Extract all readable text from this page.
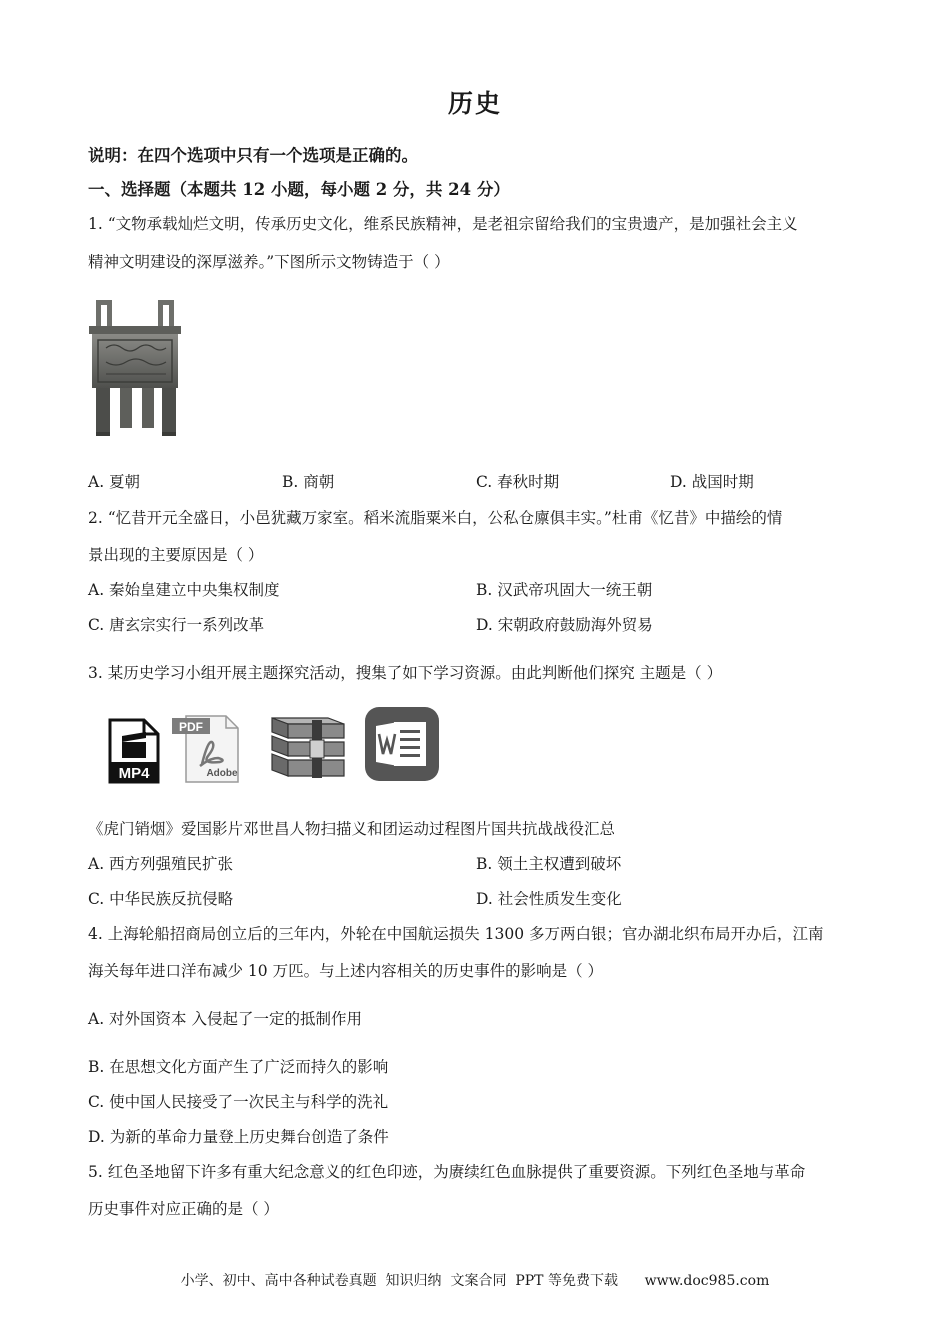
历史
说明：在四个选项中只有一个选项是正确的。
一、选择题（本题共 12 小题，每小题 2 分，共 24 分）
1. “文物承载灿烂文明，传承历史文化，维系民族精神，是老祖宗留给我们的宝贵遗产，是加强社会主义
精神文明建设的深厚滋养。”下图所示文物铸造于（ ）
A. 夏朝	B. 商朝	C. 春秋时期	D. 战国时期
2. “忆昔开元全盛日，小邑犹藏万家室。稻米流脂粟米白，公私仓廪俱丰实。”杜甫《忆昔》中描绘的情
景出现的主要原因是（ ）
A. 秦始皇建立中央集权制度	B. 汉武帝巩固大一统王朝
C. 唐玄宗实行一系列改革	D. 宋朝政府鼓励海外贸易
3. 某历史学习小组开展主题探究活动，搜集了如下学习资源。由此判断他们探究 主题是（ ）
MP4
PDF
Adobe
《虎门销烟》爱国影片邓世昌人物扫描义和团运动过程图片国共抗战战役汇总
A. 西方列强殖民扩张	B. 领土主权遭到破坏
C. 中华民族反抗侵略	D. 社会性质发生变化
4. 上海轮船招商局创立后的三年内，外轮在中国航运损失 1300 多万两白银；官办湖北织布局开办后，江南
海关每年进口洋布减少 10 万匹。与上述内容相关的历史事件的影响是（ ）
A. 对外国资本 入侵起了一定的抵制作用
B. 在思想文化方面产生了广泛而持久的影响
C. 使中国人民接受了一次民主与科学的洗礼
D. 为新的革命力量登上历史舞台创造了条件
5. 红色圣地留下许多有重大纪念意义的红色印迹，为赓续红色血脉提供了重要资源。下列红色圣地与革命
历史事件对应正确的是（ ）
小学、初中、高中各种试卷真题  知识归纳  文案合同  PPT 等免费下载      www.doc985.com
